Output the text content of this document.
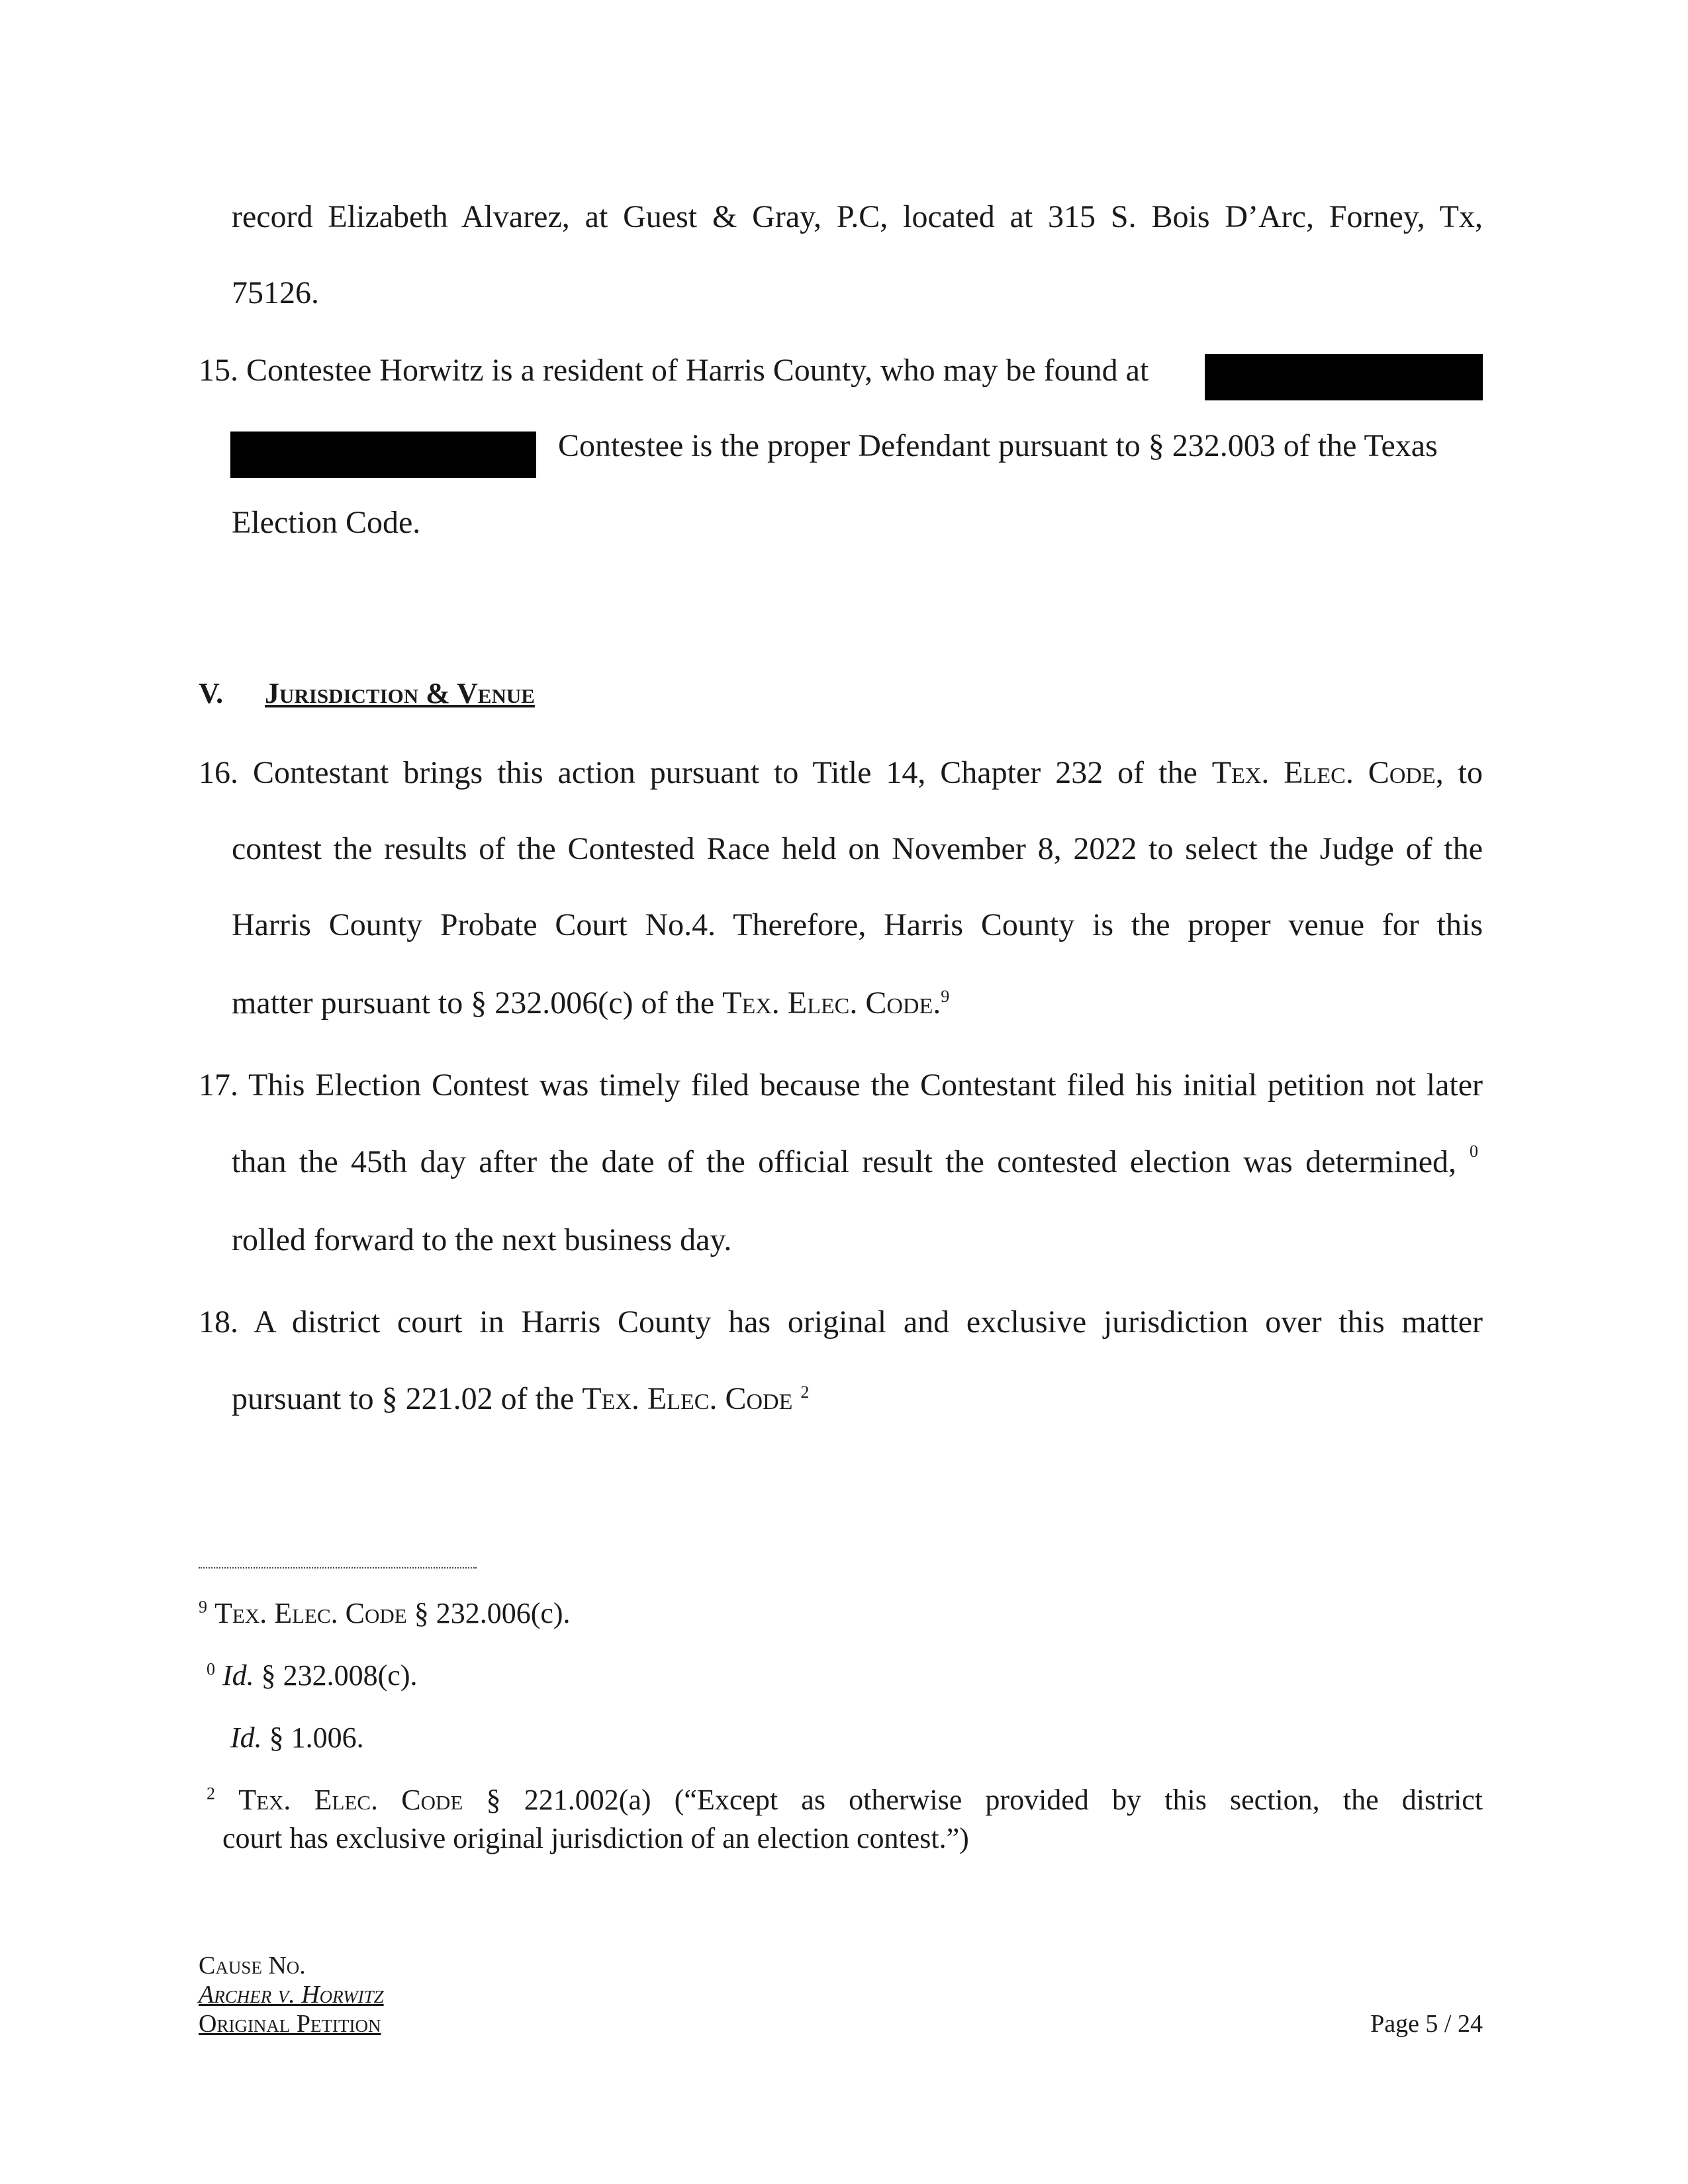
record Elizabeth Alvarez, at Guest & Gray, P.C, located at 315 S. Bois D’Arc, Forney, Tx,
75126.
15. Contestee Horwitz is a resident of Harris County, who may be found at
Contestee is the proper Defendant pursuant to § 232.003 of the Texas
Election Code.
V. Jurisdiction & Venue
16. Contestant brings this action pursuant to Title 14, Chapter 232 of the Tex. Elec. Code, to
contest the results of the Contested Race held on November 8, 2022 to select the Judge of the
Harris County Probate Court No.4. Therefore, Harris County is the proper venue for this
matter pursuant to § 232.006(c) of the Tex. Elec. Code.$^9$
17. This Election Contest was timely filed because the Contestant filed his initial petition not later
than the 45th day after the date of the official result the contested election was determined, 0
rolled forward to the next business day.
18. A district court in Harris County has original and exclusive jurisdiction over this matter
pursuant to § 221.02 of the Tex. Elec. Code $^2$
$^9$ Tex. Elec. Code § 232.006(c).
$^0$ Id. § 232.008(c).
Id. § 1.006.
$^2$ Tex. Elec. Code § 221.002(a) (“Except as otherwise provided by this section, the district
court has exclusive original jurisdiction of an election contest.”)
Cause No.
Archer v. Horwitz
Original Petition	Page 5 / 24
